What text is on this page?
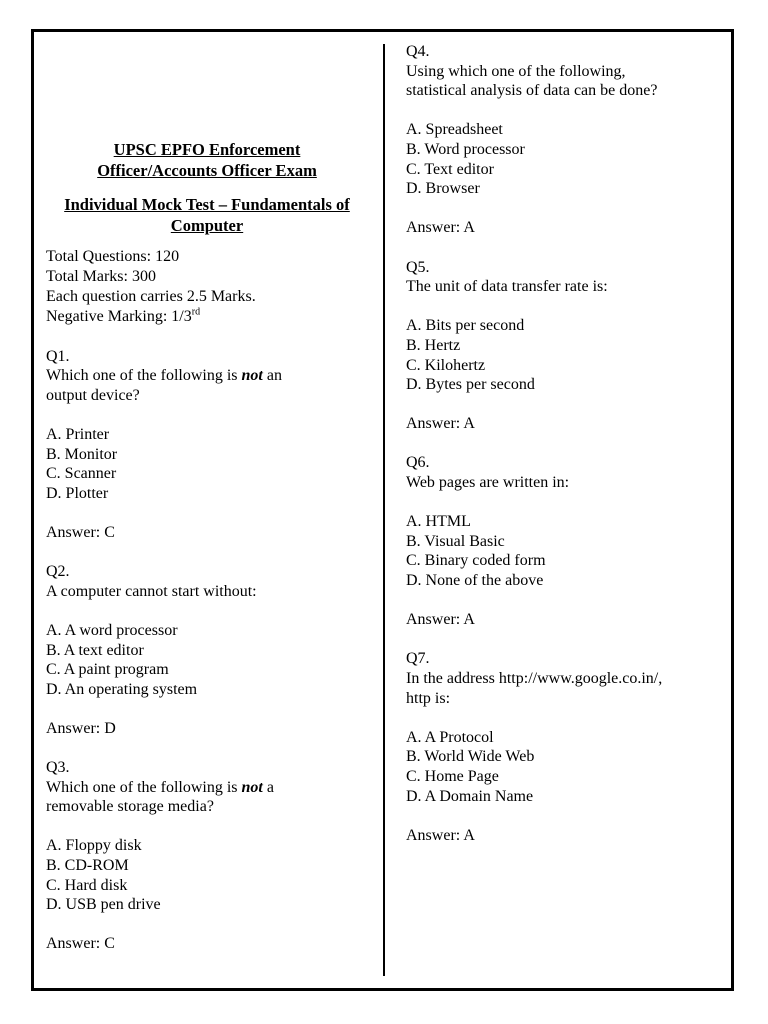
UPSC EPFO Enforcement
Officer/Accounts Officer Exam
Individual Mock Test – Fundamentals of
Computer
Total Questions: 120
Total Marks: 300
Each question carries 2.5 Marks.
Negative Marking: 1/3rd
Q1.
Which one of the following is not an
output device?
A. Printer
B. Monitor
C. Scanner
D. Plotter
Answer: C
Q2.
A computer cannot start without:
A. A word processor
B. A text editor
C. A paint program
D. An operating system
Answer: D
Q3.
Which one of the following is not a
removable storage media?
A. Floppy disk
B. CD-ROM
C. Hard disk
D. USB pen drive
Answer: C
Q4.
Using which one of the following,
statistical analysis of data can be done?
A. Spreadsheet
B. Word processor
C. Text editor
D. Browser
Answer: A
Q5.
The unit of data transfer rate is:
A. Bits per second
B. Hertz
C. Kilohertz
D. Bytes per second
Answer: A
Q6.
Web pages are written in:
A. HTML
B. Visual Basic
C. Binary coded form
D. None of the above
Answer: A
Q7.
In the address http://www.google.co.in/,
http is:
A. A Protocol
B. World Wide Web
C. Home Page
D. A Domain Name
Answer: A
